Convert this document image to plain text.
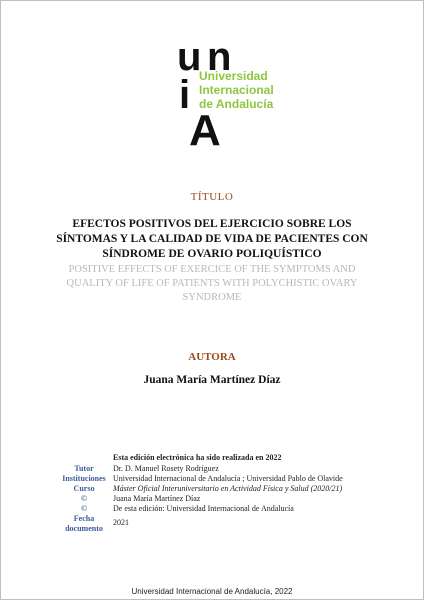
u n
i Universidad
Internacional
de Andalucía
A
TÍTULO
EFECTOS POSITIVOS DEL EJERCICIO SOBRE LOS SÍNTOMAS Y LA CALIDAD DE VIDA DE PACIENTES CON SÍNDROME DE OVARIO POLIQUÍSTICO
POSITIVE EFFECTS OF EXERCICE OF THE SYMPTOMS AND QUALITY OF LIFE OF PATIENTS WITH POLYCHISTIC OVARY SYNDROME
AUTORA
Juana María Martínez Díaz
Tutor
Instituciones
Curso
©
©
Fecha
documento
Esta edición electrónica ha sido realizada en 2022
Dr. D. Manuel Rosety Rodríguez
Universidad Internacional de Andalucía ; Universidad Pablo de Olavide
Máster Oficial Interuniversitario en Actividad Física y Salud (2020/21)
Juana María Martínez Díaz
De esta edición: Universidad Internacional de Andalucía
2021
Universidad Internacional de Andalucía, 2022
